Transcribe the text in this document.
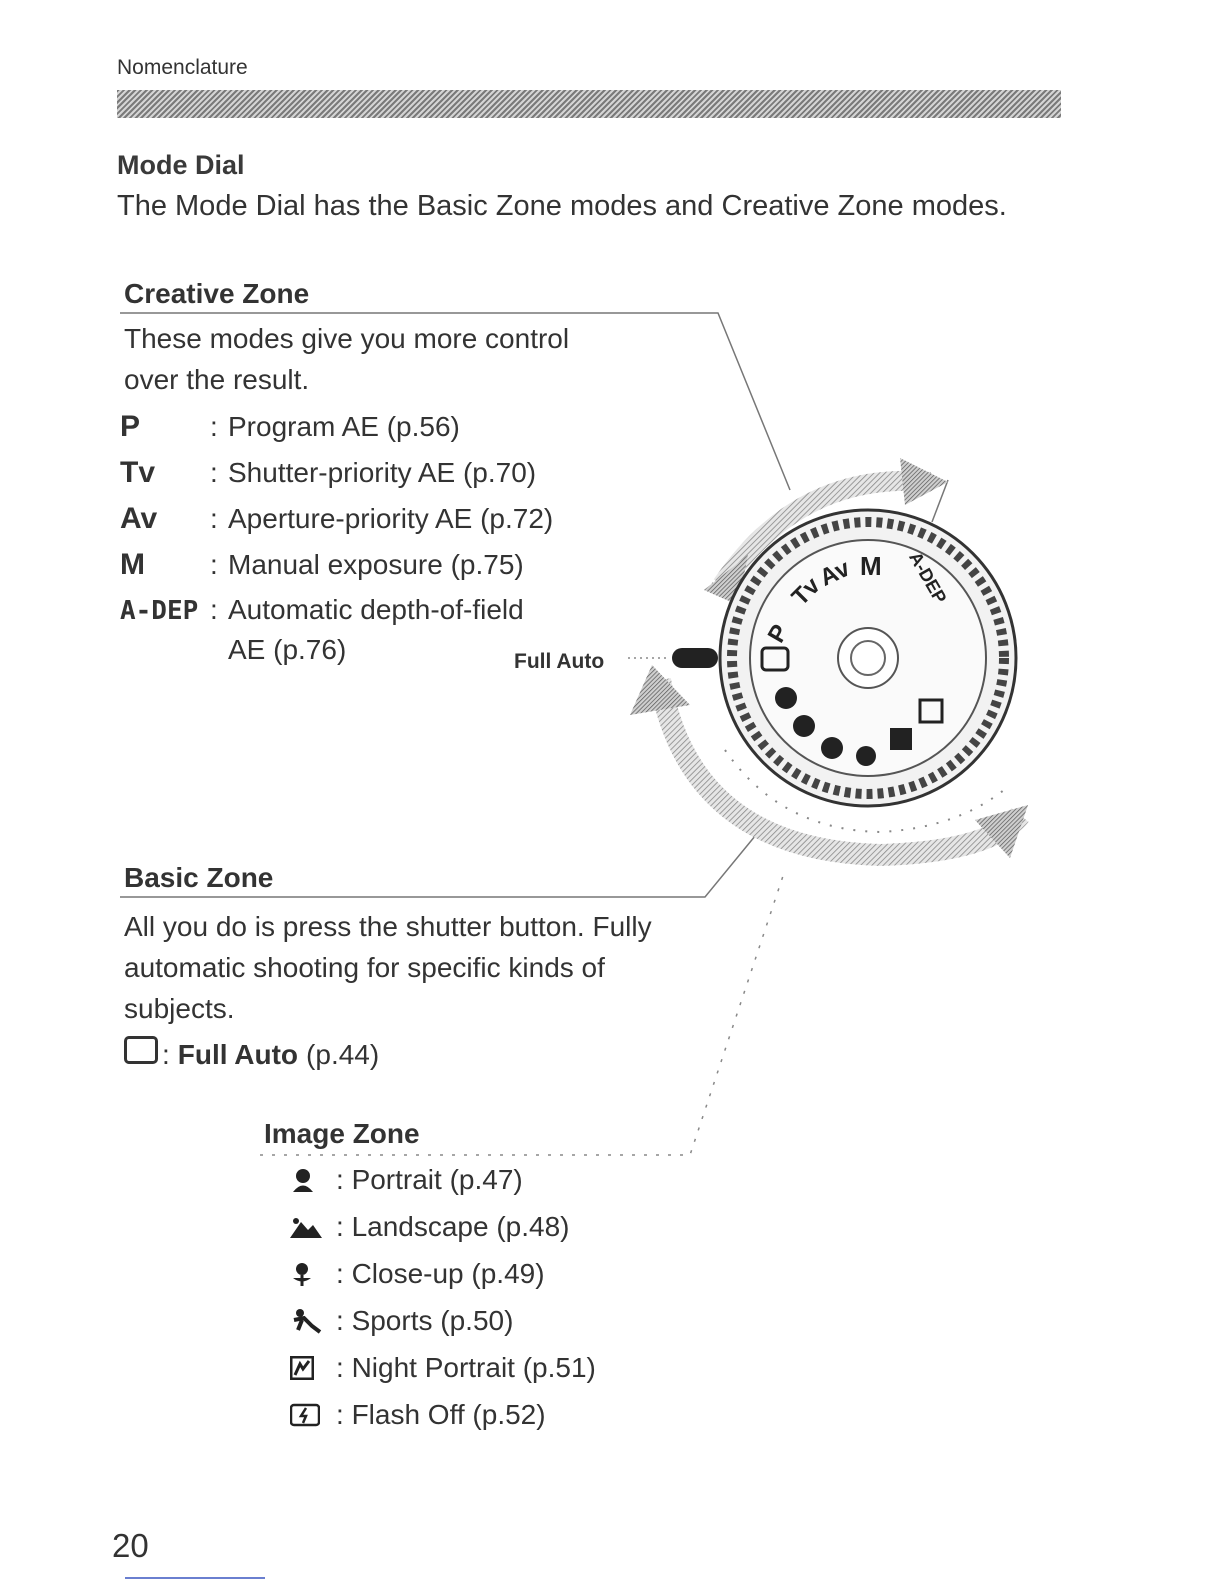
Nomenclature
Mode Dial
The Mode Dial has the Basic Zone modes and Creative Zone modes.
P
Tv
Av M A-DEP
Full Auto
Creative Zone
These modes give you more control
over the result.
P	: Program AE (p.56)
Tv	: Shutter-priority AE (p.70)
Av	: Aperture-priority AE (p.72)
M	: Manual exposure (p.75)
A-DEP : Automatic depth-of-field
AE (p.76)
Basic Zone
All you do is press the shutter button. Fully
automatic shooting for specific kinds of
subjects.
: Full Auto (p.44)
Image Zone
: Portrait (p.47)
: Landscape (p.48)
: Close-up (p.49)
: Sports (p.50)
: Night Portrait (p.51)
: Flash Off (p.52)
20
